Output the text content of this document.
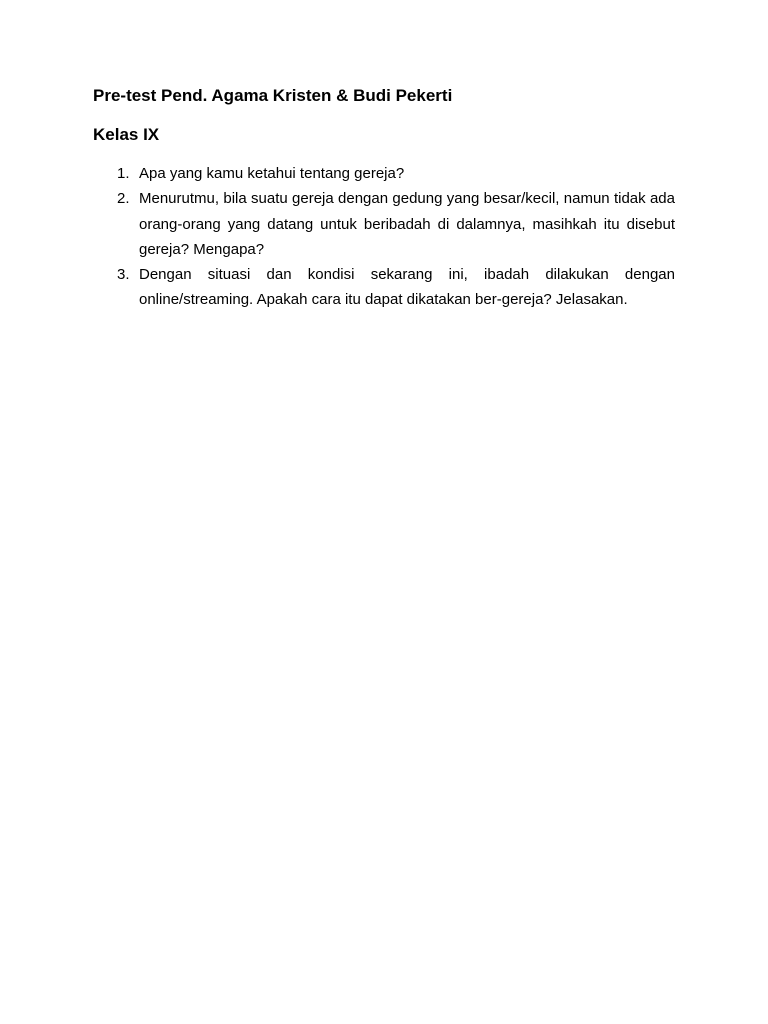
Pre-test Pend. Agama Kristen & Budi Pekerti
Kelas IX
1. Apa yang kamu ketahui tentang gereja?
2. Menurutmu, bila suatu gereja dengan gedung yang besar/kecil, namun tidak ada orang-orang yang datang untuk beribadah di dalamnya, masihkah itu disebut gereja? Mengapa?
3. Dengan situasi dan kondisi sekarang ini, ibadah dilakukan dengan online/streaming. Apakah cara itu dapat dikatakan ber-gereja? Jelasakan.
